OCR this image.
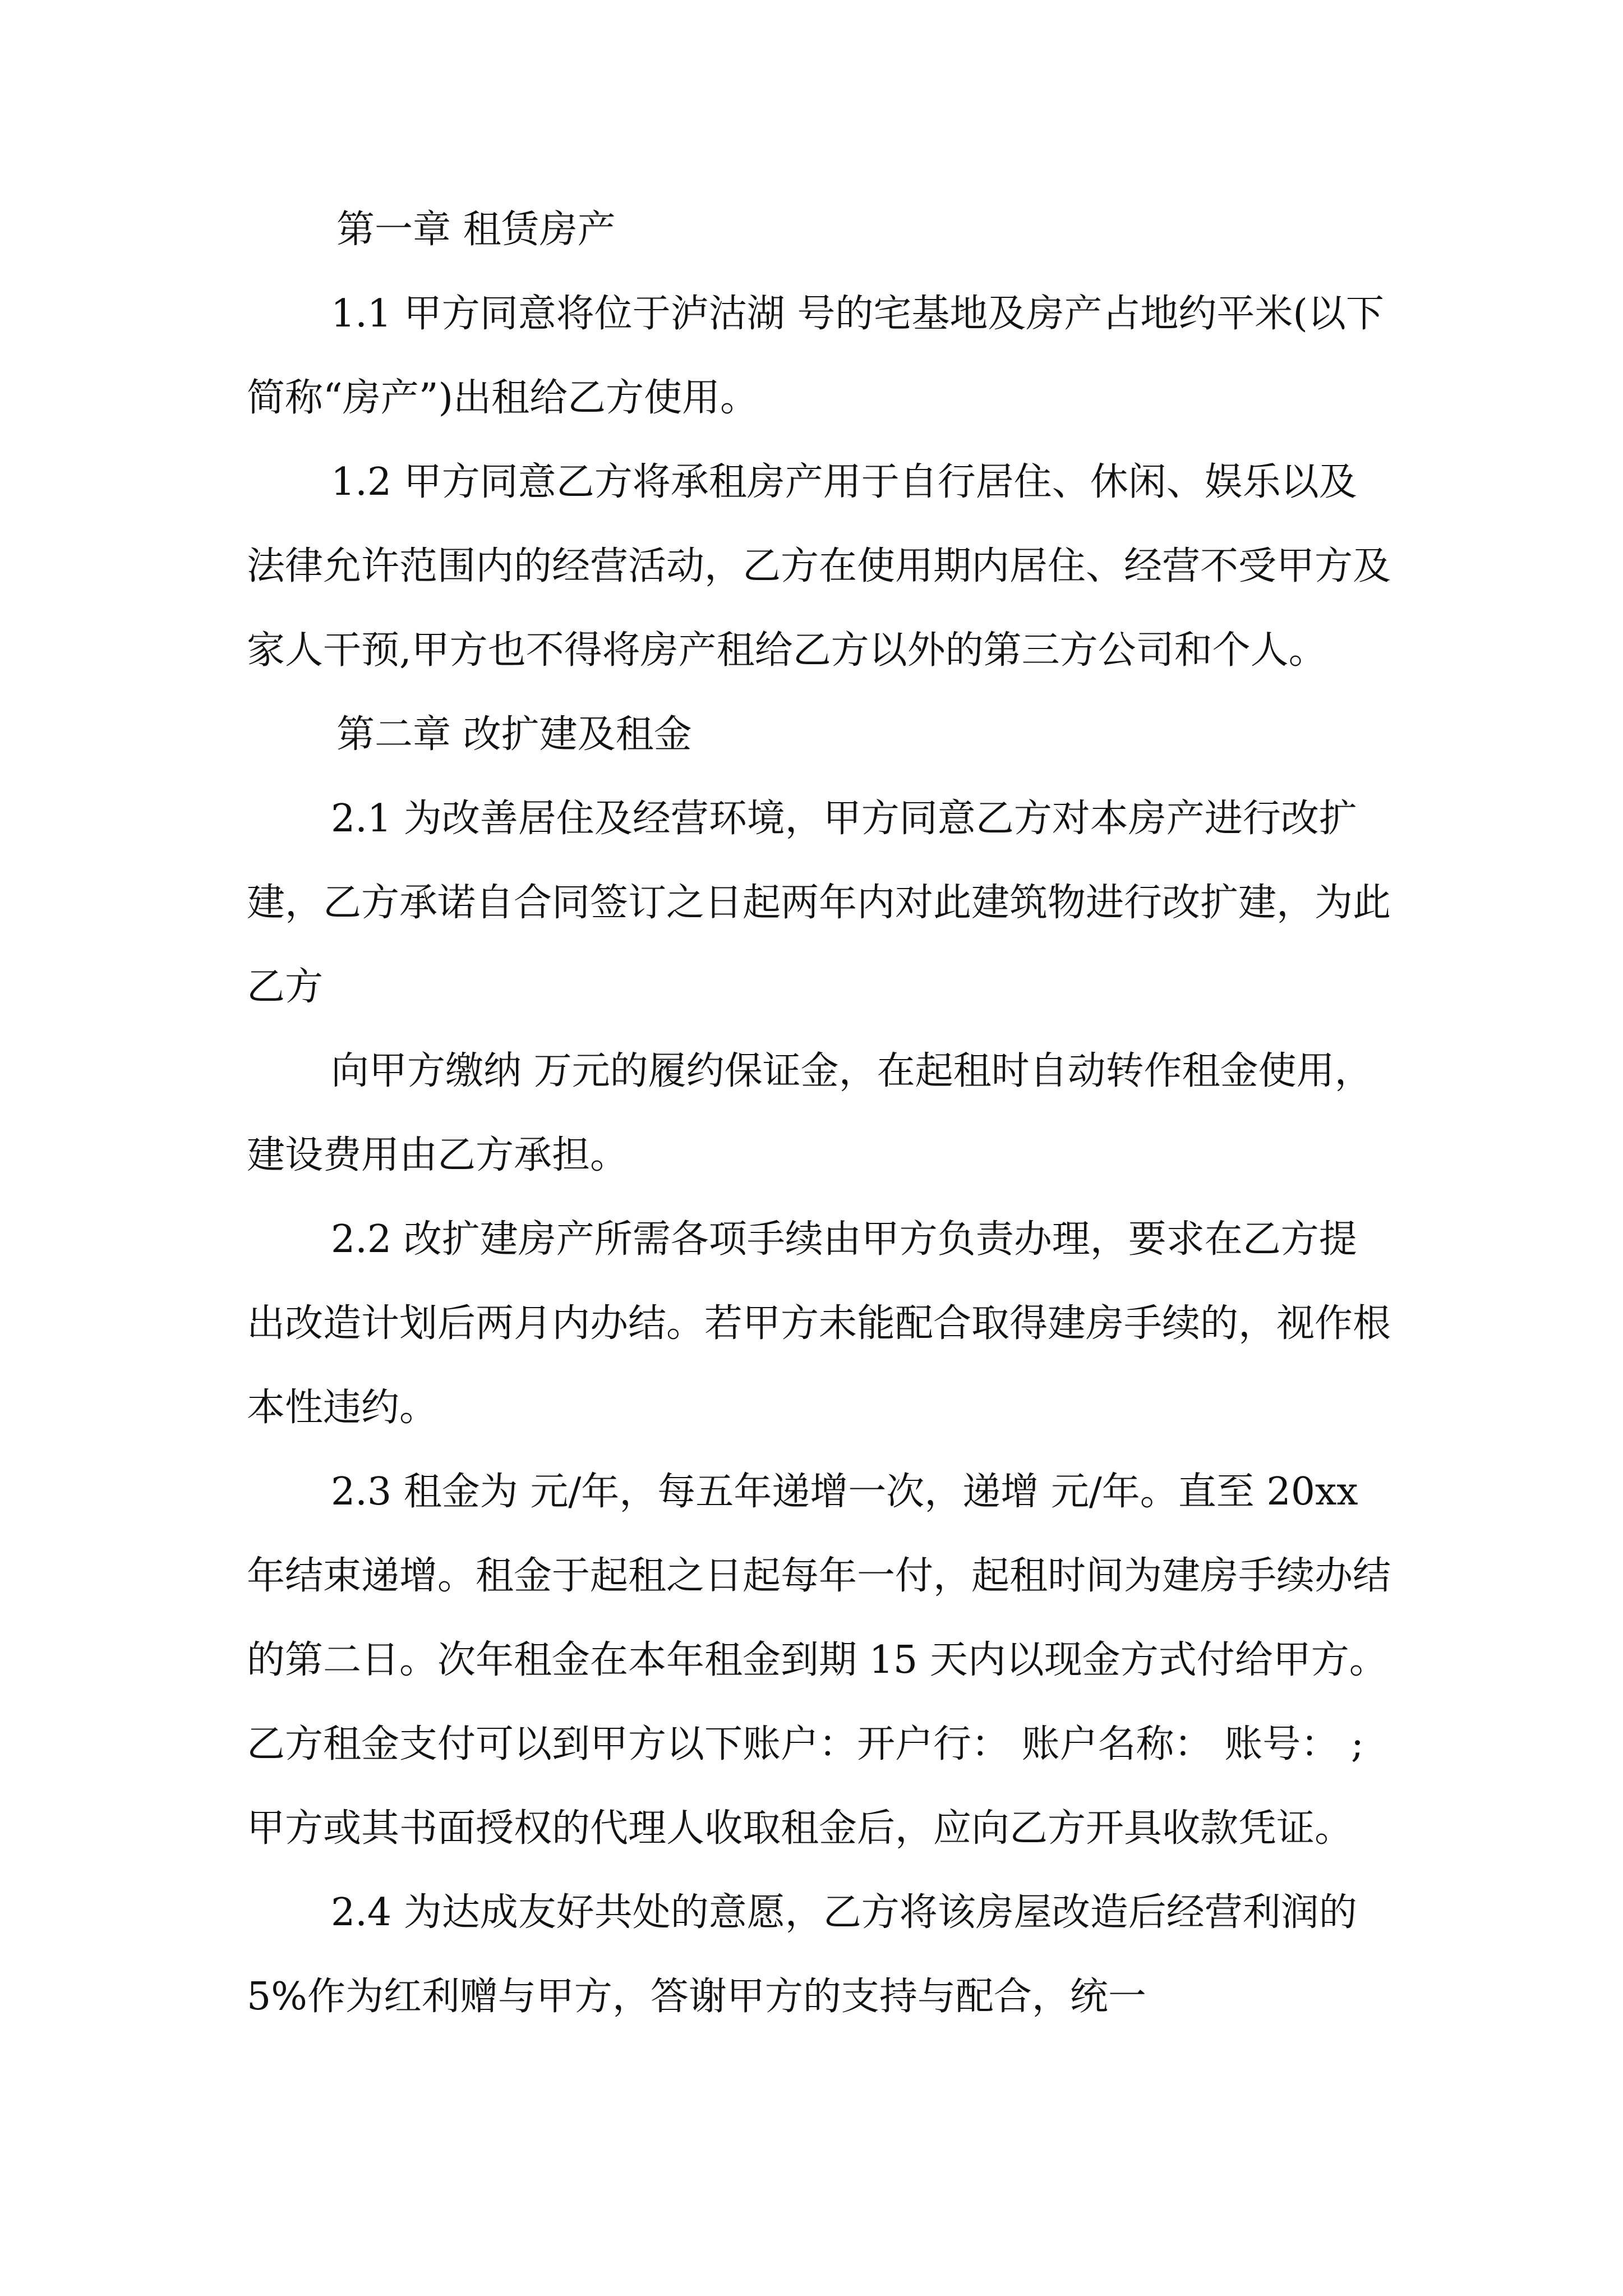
第一章 租赁房产

1.1 甲方同意将位于泸沽湖 号的宅基地及房产占地约平米(以下简称“房产”)出租给乙方使用。

1.2 甲方同意乙方将承租房产用于自行居住、休闲、娱乐以及法律允许范围内的经营活动，乙方在使用期内居住、经营不受甲方及家人干预,甲方也不得将房产租给乙方以外的第三方公司和个人。

第二章 改扩建及租金

2.1 为改善居住及经营环境，甲方同意乙方对本房产进行改扩建，乙方承诺自合同签订之日起两年内对此建筑物进行改扩建，为此乙方

向甲方缴纳 万元的履约保证金，在起租时自动转作租金使用，建设费用由乙方承担。

2.2 改扩建房产所需各项手续由甲方负责办理，要求在乙方提出改造计划后两月内办结。若甲方未能配合取得建房手续的，视作根本性违约。

2.3 租金为 元/年，每五年递增一次，递增 元/年。直至 20xx 年结束递增。租金于起租之日起每年一付，起租时间为建房手续办结的第二日。次年租金在本年租金到期 15 天内以现金方式付给甲方。乙方租金支付可以到甲方以下账户：开户行： 账户名称： 账号： ;甲方或其书面授权的代理人收取租金后，应向乙方开具收款凭证。

2.4 为达成友好共处的意愿，乙方将该房屋改造后经营利润的 5%作为红利赠与甲方，答谢甲方的支持与配合，统一
